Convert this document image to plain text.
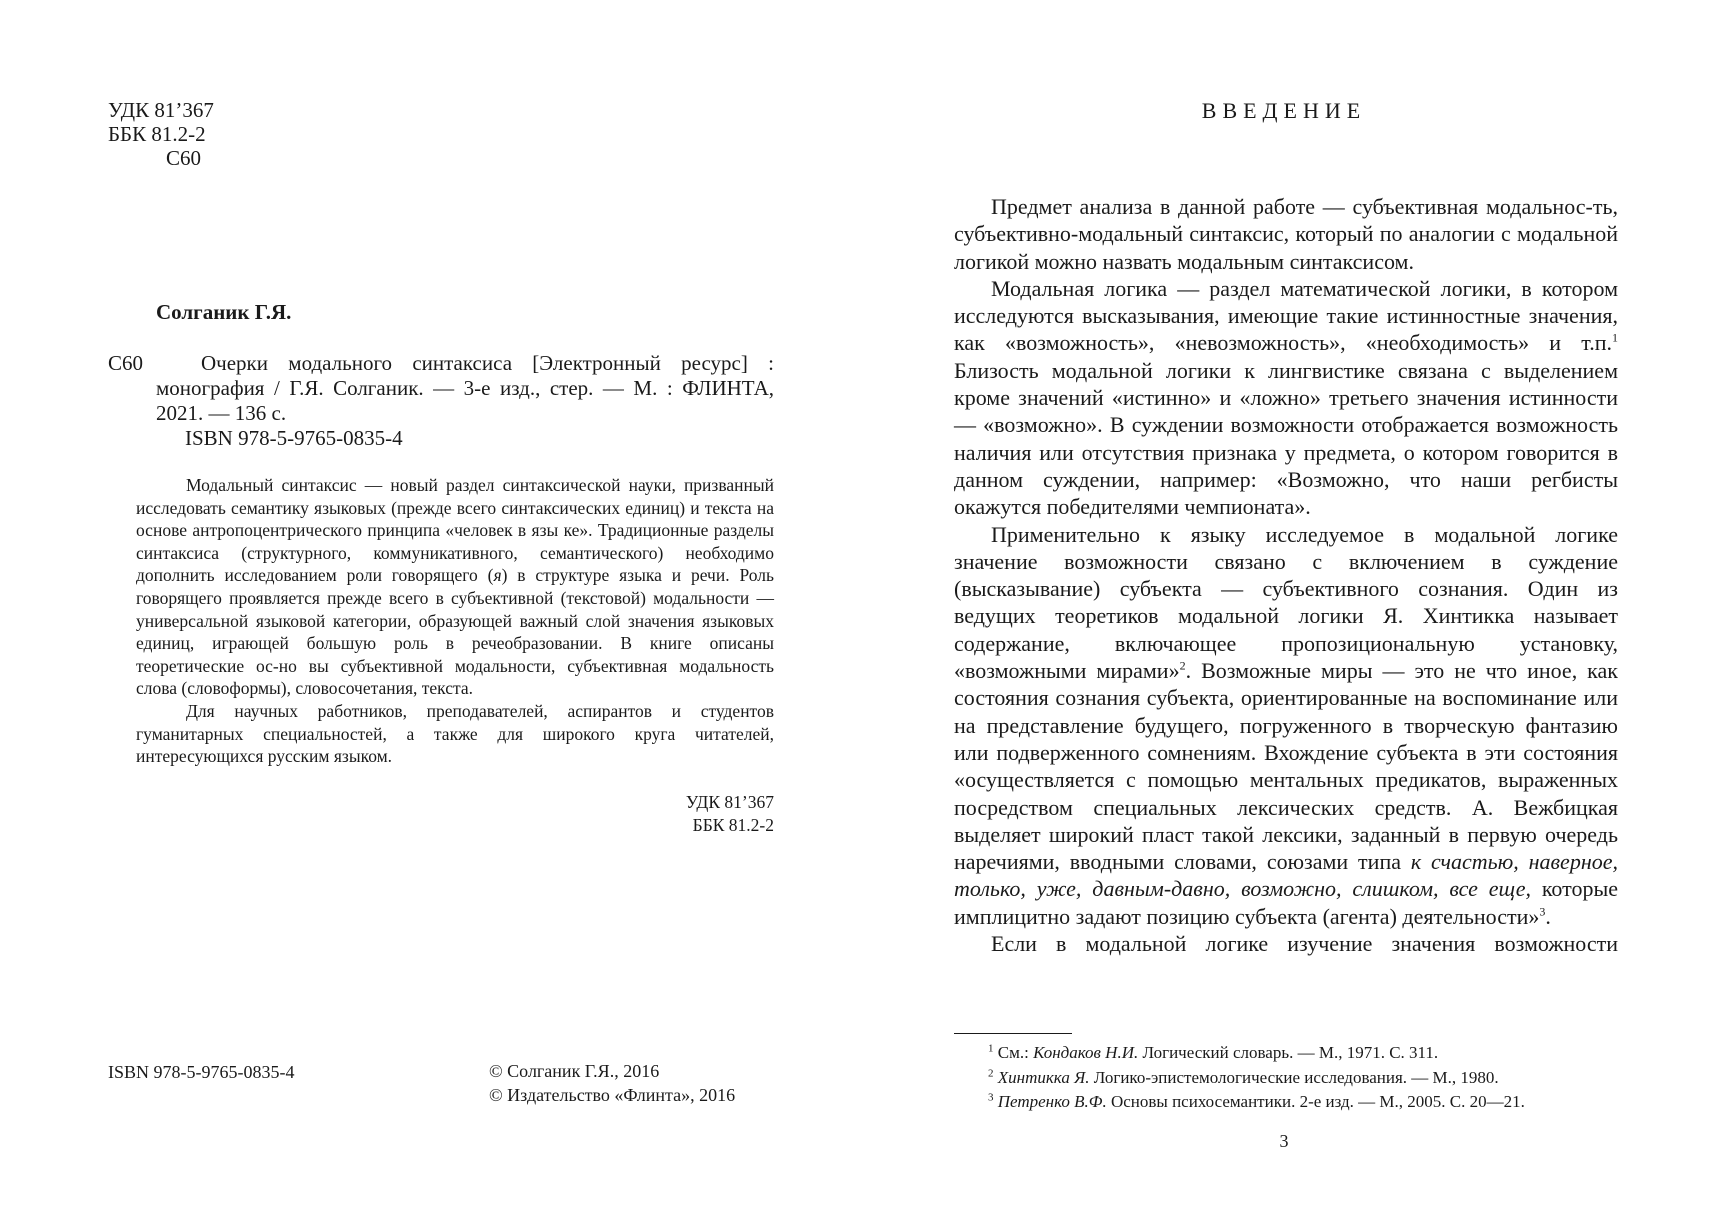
УДК 81’367
ББК 81.2-2
С60
Солганик Г.Я.
С60	Очерки модального синтаксиса [Электронный ресурс] : монография / Г.Я. Солганик. — 3-е изд., стер. — М. : ФЛИНТА, 2021. — 136 с.

ISBN 978-5-9765-0835-4

Модальный синтаксис — новый раздел синтаксической науки, призванный исследовать семантику языковых (прежде всего синтаксических единиц) и текста на основе антропоцентрического принципа «человек в язы ке». Традиционные разделы синтаксиса (структурного, коммуникативного, семантического) необходимо дополнить исследованием роли говорящего (я) в структуре языка и речи. Роль говорящего проявляется прежде всего в субъективной (текстовой) модальности — универсальной языковой категории, образующей важный слой значения языковых единиц, играющей большую роль в речеобразовании. В книге описаны теоретические ос-но вы субъективной модальности, субъективная модальность слова (словоформы), словосочетания, текста.

Для научных работников, преподавателей, аспирантов и студентов гуманитарных специальностей, а также для широкого круга читателей, интересующихся русским языком.

УДК 81’367
ББК 81.2-2
ISBN 978-5-9765-0835-4	© Солганик Г.Я., 2016
© Издательство «Флинта», 2016
ВВЕДЕНИЕ

Предмет анализа в данной работе — субъективная модальнос-ть, субъективно-модальный синтаксис, который по аналогии с модальной логикой можно назвать модальным синтаксисом.

Модальная логика — раздел математической логики, в котором исследуются высказывания, имеющие такие истинностные значения, как «возможность», «невозможность», «необходимость» и т.п.$^1$ Близость модальной логики к лингвистике связана с выделением кроме значений «истинно» и «ложно» третьего значения истинности — «возможно». В суждении возможности отображается возможность наличия или отсутствия признака у предмета, о котором говорится в данном суждении, например: «Возможно, что наши регбисты окажутся победителями чемпионата».

Применительно к языку исследуемое в модальной логике значение возможности связано с включением в суждение (высказывание) субъекта — субъективного сознания. Один из ведущих теоретиков модальной логики Я. Хинтикка называет содержание, включающее пропозициональную установку, «возможными мирами»$^2$. Возможные миры — это не что иное, как состояния сознания субъекта, ориентированные на воспоминание или на представление будущего, погруженного в творческую фантазию или подверженного сомнениям. Вхождение субъекта в эти состояния «осуществляется с помощью ментальных предикатов, выраженных посредством специальных лексических средств. А. Вежбицкая выделяет широкий пласт такой лексики, заданный в первую очередь наречиями, вводными словами, союзами типа к счастью, наверное, только, уже, давным-давно, возможно, слишком, все еще, которые имплицитно задают позицию субъекта (агента) деятельности»$^3$.

Если в модальной логике изучение значения возможности

$^1$ См.: Кондаков Н.И. Логический словарь. — М., 1971. С. 311.
$^2$ Хинтикка Я. Логико-эпистемологические исследования. — М., 1980.
$^3$ Петренко В.Ф. Основы психосемантики. 2-е изд. — М., 2005. С. 20—21.
3
